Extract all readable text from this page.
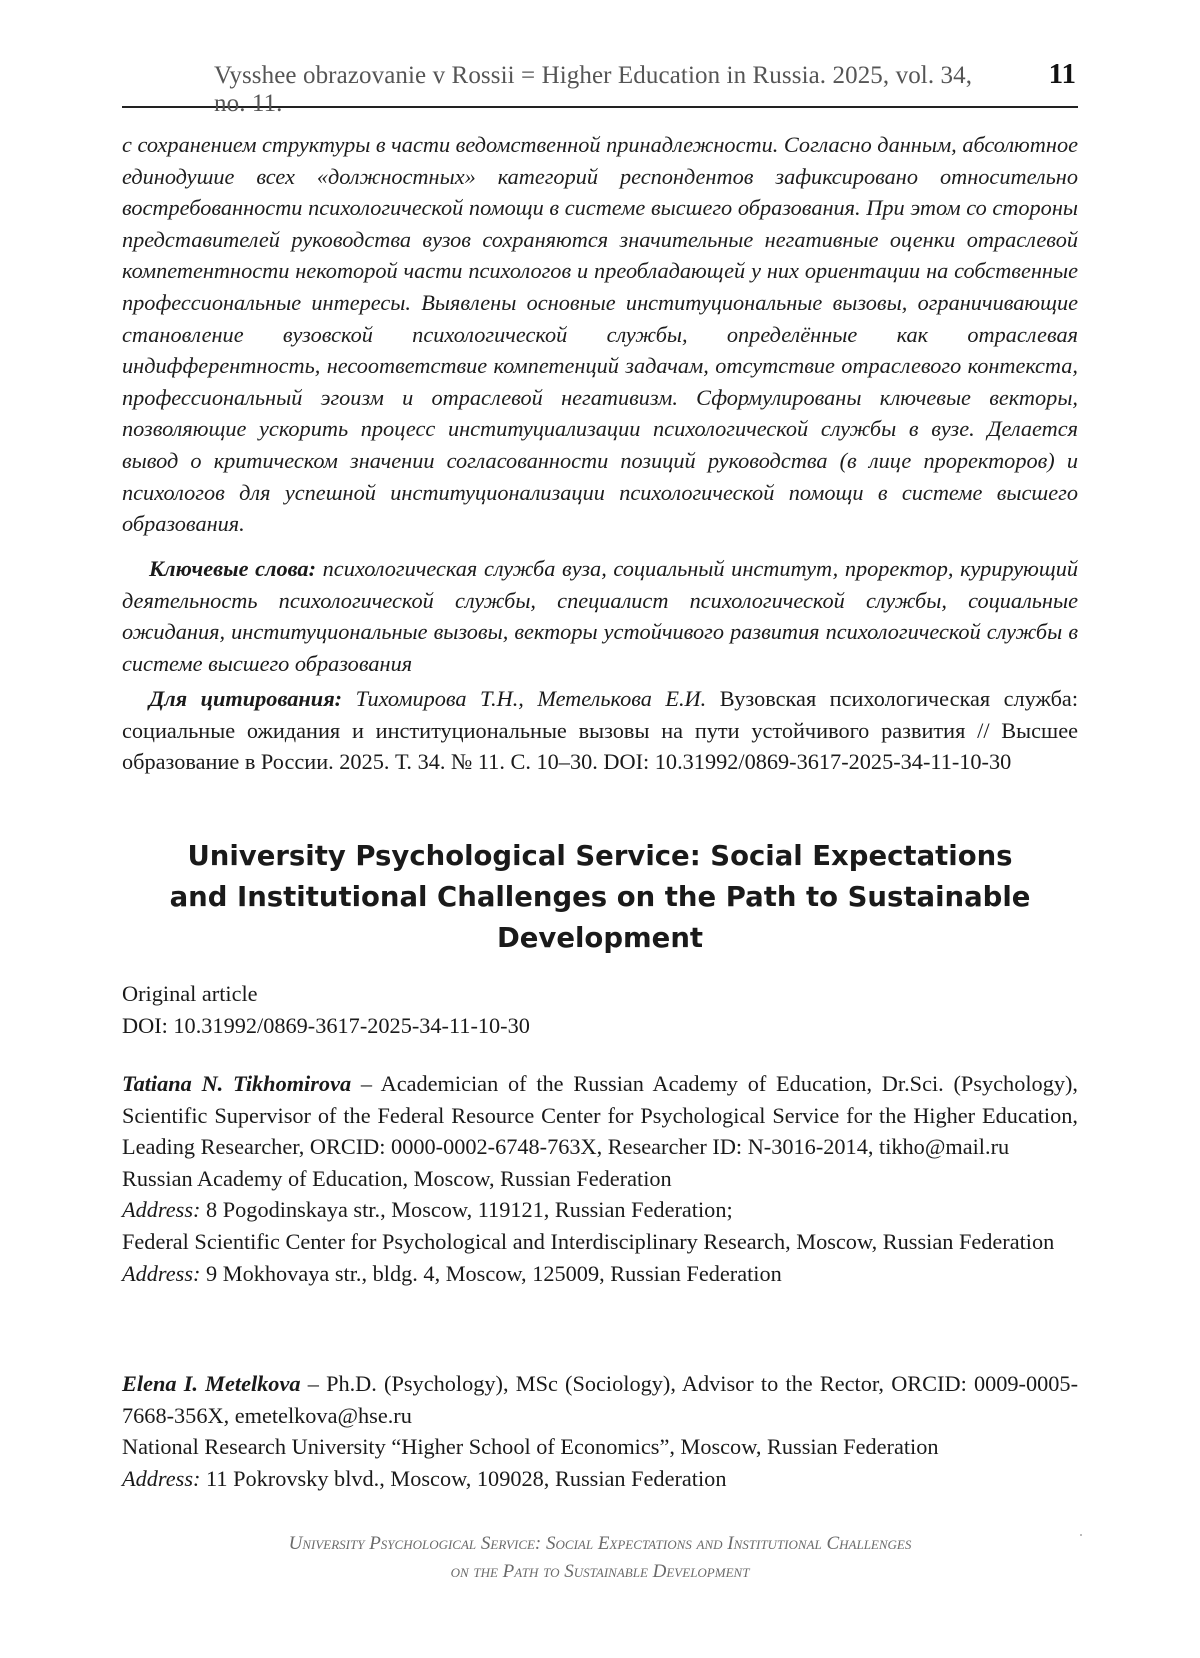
Vysshee obrazovanie v Rossii = Higher Education in Russia. 2025, vol. 34, no. 11.
11
с сохранением структуры в части ведомственной принадлежности. Согласно данным, абсолютное единодушие всех «должностных» категорий респондентов зафиксировано относительно востребованности психологической помощи в системе высшего образования. При этом со стороны представителей руководства вузов сохраняются значительные негативные оценки отраслевой компетентности некоторой части психологов и преобладающей у них ориентации на собственные профессиональные интересы. Выявлены основные институциональные вызовы, ограничивающие становление вузовской психологической службы, определённые как отраслевая индифферентность, несоответствие компетенций задачам, отсутствие отраслевого контекста, профессиональный эгоизм и отраслевой негативизм. Сформулированы ключевые векторы, позволяющие ускорить процесс институциализации психологической службы в вузе. Делается вывод о критическом значении согласованности позиций руководства (в лице проректоров) и психологов для успешной институционализации психологической помощи в системе высшего образования.
Ключевые слова: психологическая служба вуза, социальный институт, проректор, курирующий деятельность психологической службы, специалист психологической службы, социальные ожидания, институциональные вызовы, векторы устойчивого развития психологической службы в системе высшего образования
Для цитирования: Тихомирова Т.Н., Метелькова Е.И. Вузовская психологическая служба: социальные ожидания и институциональные вызовы на пути устойчивого развития // Высшее образование в России. 2025. Т. 34. № 11. С. 10–30. DOI: 10.31992/0869-3617-2025-34-11-10-30
University Psychological Service: Social Expectations
and Institutional Challenges on the Path to Sustainable
Development
Original article
DOI: 10.31992/0869-3617-2025-34-11-10-30

Tatiana N. Tikhomirova – Academician of the Russian Academy of Education, Dr.Sci. (Psychology), Scientific Supervisor of the Federal Resource Center for Psychological Service for the Higher Education, Leading Researcher, ORCID: 0000-0002-6748-763X, Researcher ID: N-3016-2014, tikho@mail.ru

Russian Academy of Education, Moscow, Russian Federation

Address: 8 Pogodinskaya str., Moscow, 119121, Russian Federation;

Federal Scientific Center for Psychological and Interdisciplinary Research, Moscow, Russian Federation

Address: 9 Mokhovaya str., bldg. 4, Moscow, 125009, Russian Federation

Elena I. Metelkova – Ph.D. (Psychology), MSc (Sociology), Advisor to the Rector, ORCID: 0009-0005-7668-356X, emetelkova@hse.ru

National Research University “Higher School of Economics”, Moscow, Russian Federation

Address: 11 Pokrovsky blvd., Moscow, 109028, Russian Federation

University Psychological Service: Social Expectations and Institutional Challenges
on the Path to Sustainable Development
